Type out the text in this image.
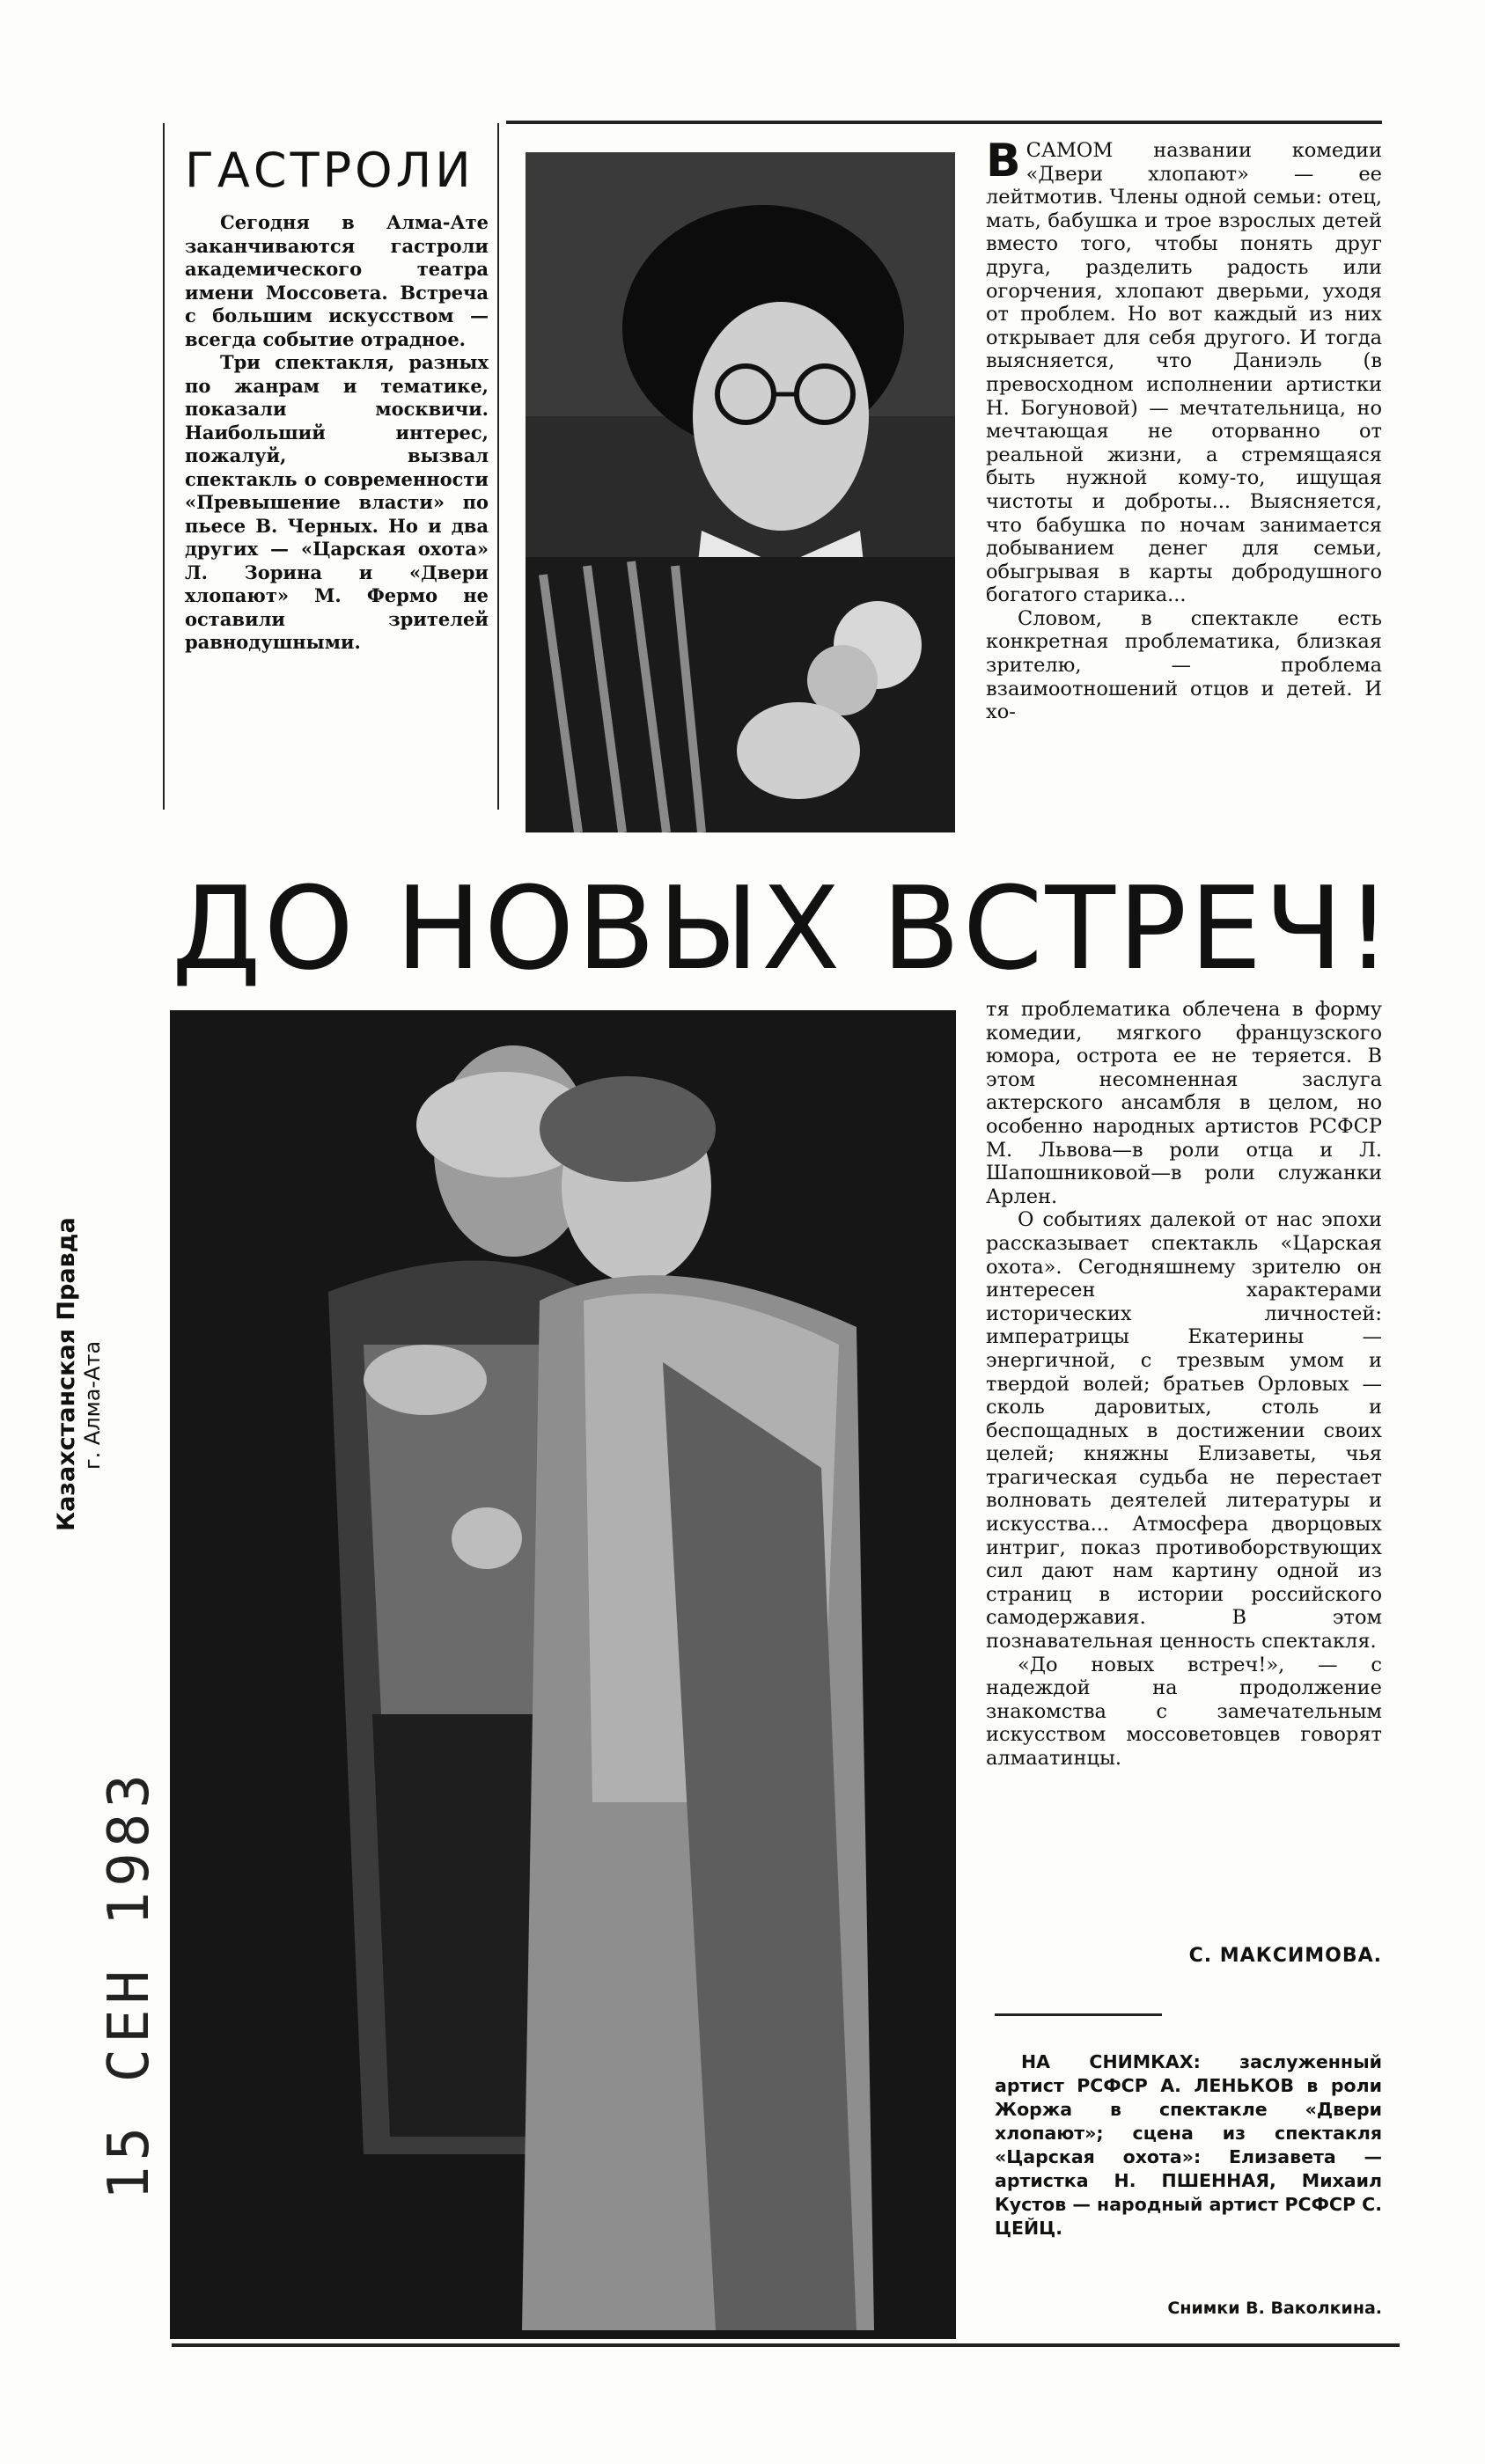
ГАСТРОЛИ

Сегодня в Алма-Ате заканчиваются гастроли академического театра имени Моссовета. Встреча с большим искусством — всегда событие отрадное.

Три спектакля, разных по жанрам и тематике, показали москвичи. Наибольший интерес, пожалуй, вызвал спектакль о современности «Превышение власти» по пьесе В. Черных. Но и два других — «Царская охота» Л. Зорина и «Двери хлопают» М. Фермо не оставили зрителей равнодушными.

В САМОМ названии комедии «Двери хлопают» — ее лейтмотив. Члены одной семьи: отец, мать, бабушка и трое взрослых детей вместо того, чтобы понять друг друга, разделить радость или огорчения, хлопают дверьми, уходя от проблем. Но вот каждый из них открывает для себя другого. И тогда выясняется, что Даниэль (в превосходном исполнении артистки Н. Богуновой) — мечтательница, но мечтающая не оторванно от реальной жизни, а стремящаяся быть нужной кому-то, ищущая чистоты и доброты... Выясняется, что бабушка по ночам занимается добыванием денег для семьи, обыгрывая в карты добродушного богатого старика...

Словом, в спектакле есть конкретная проблематика, близкая зрителю, — проблема взаимоотношений отцов и детей. И хо-

ДО НОВЫХ ВСТРЕЧ!

тя проблематика облечена в форму комедии, мягкого французского юмора, острота ее не теряется. В этом несомненная заслуга актерского ансамбля в целом, но особенно народных артистов РСФСР М. Львова—в роли отца и Л. Шапошниковой—в роли служанки Арлен.

О событиях далекой от нас эпохи рассказывает спектакль «Царская охота». Сегодняшнему зрителю он интересен характерами исторических личностей: императрицы Екатерины — энергичной, с трезвым умом и твердой волей; братьев Орловых — сколь даровитых, столь и беспощадных в достижении своих целей; княжны Елизаветы, чья трагическая судьба не перестает волновать деятелей литературы и искусства... Атмосфера дворцовых интриг, показ противоборствующих сил дают нам картину одной из страниц в истории российского самодержавия. В этом познавательная ценность спектакля.

«До новых встреч!», — с надеждой на продолжение знакомства с замечательным искусством моссоветовцев говорят алмаатинцы.

С. МАКСИМОВА.

НА СНИМКАХ: заслуженный артист РСФСР А. ЛЕНЬКОВ в роли Жоржа в спектакле «Двери хлопают»; сцена из спектакля «Царская охота»: Елизавета — артистка Н. ПШЕННАЯ, Михаил Кустов — народный артист РСФСР С. ЦЕЙЦ.

Снимки В. Ваколкина.
Казахстанская Правда г. Алма-Ата
15 СЕН 1983
